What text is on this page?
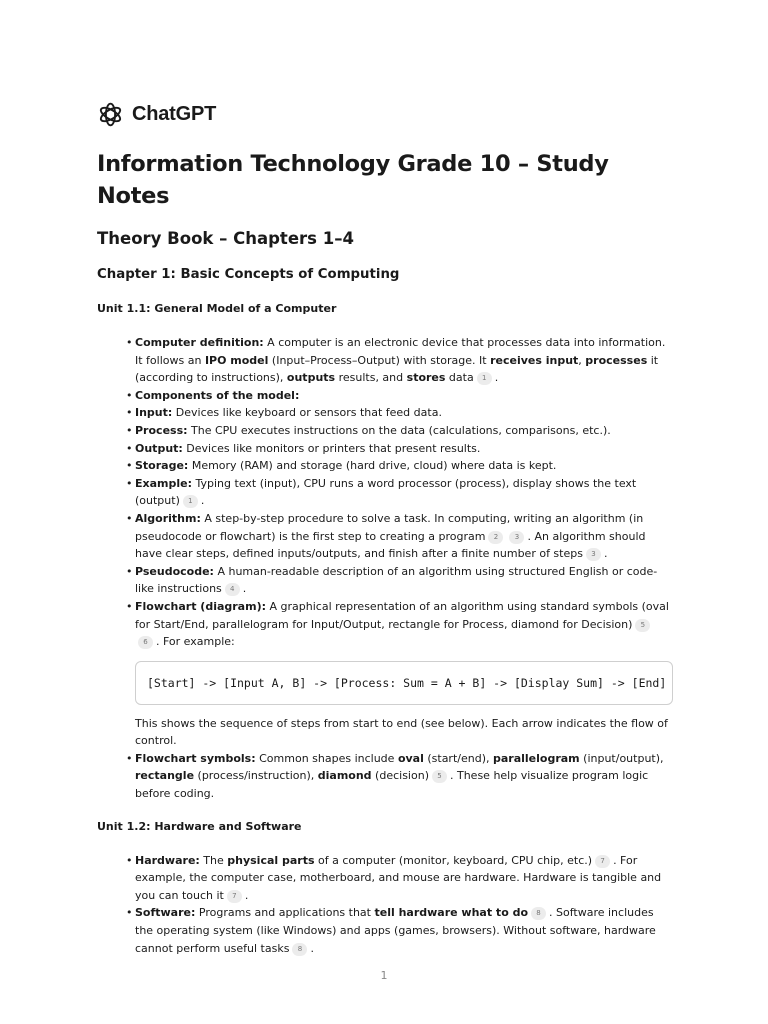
ChatGPT
Information Technology Grade 10 – Study Notes
Theory Book – Chapters 1–4
Chapter 1: Basic Concepts of Computing
Unit 1.1: General Model of a Computer
• Computer definition: A computer is an electronic device that processes data into information. It follows an IPO model (Input–Process–Output) with storage. It receives input, processes it (according to instructions), outputs results, and stores data 1 .
• Components of the model:
• Input: Devices like keyboard or sensors that feed data.
• Process: The CPU executes instructions on the data (calculations, comparisons, etc.).
• Output: Devices like monitors or printers that present results.
• Storage: Memory (RAM) and storage (hard drive, cloud) where data is kept.
• Example: Typing text (input), CPU runs a word processor (process), display shows the text (output) 1 .
• Algorithm: A step-by-step procedure to solve a task. In computing, writing an algorithm (in pseudocode or flowchart) is the first step to creating a program 2 3 . An algorithm should have clear steps, defined inputs/outputs, and finish after a finite number of steps 3 .
• Pseudocode: A human-readable description of an algorithm using structured English or code-like instructions 4 .
• Flowchart (diagram): A graphical representation of an algorithm using standard symbols (oval for Start/End, parallelogram for Input/Output, rectangle for Process, diamond for Decision) 56 . For example:
[Start] -> [Input A, B] -> [Process: Sum = A + B] -> [Display Sum] -> [End]
This shows the sequence of steps from start to end (see below). Each arrow indicates the flow of control.
• Flowchart symbols: Common shapes include oval (start/end), parallelogram (input/output), rectangle (process/instruction), diamond (decision) 5 . These help visualize program logic before coding.
Unit 1.2: Hardware and Software
• Hardware: The physical parts of a computer (monitor, keyboard, CPU chip, etc.) 7 . For example, the computer case, motherboard, and mouse are hardware. Hardware is tangible and you can touch it 7 .
• Software: Programs and applications that tell hardware what to do 8 . Software includes the operating system (like Windows) and apps (games, browsers). Without software, hardware cannot perform useful tasks 8 .
1
